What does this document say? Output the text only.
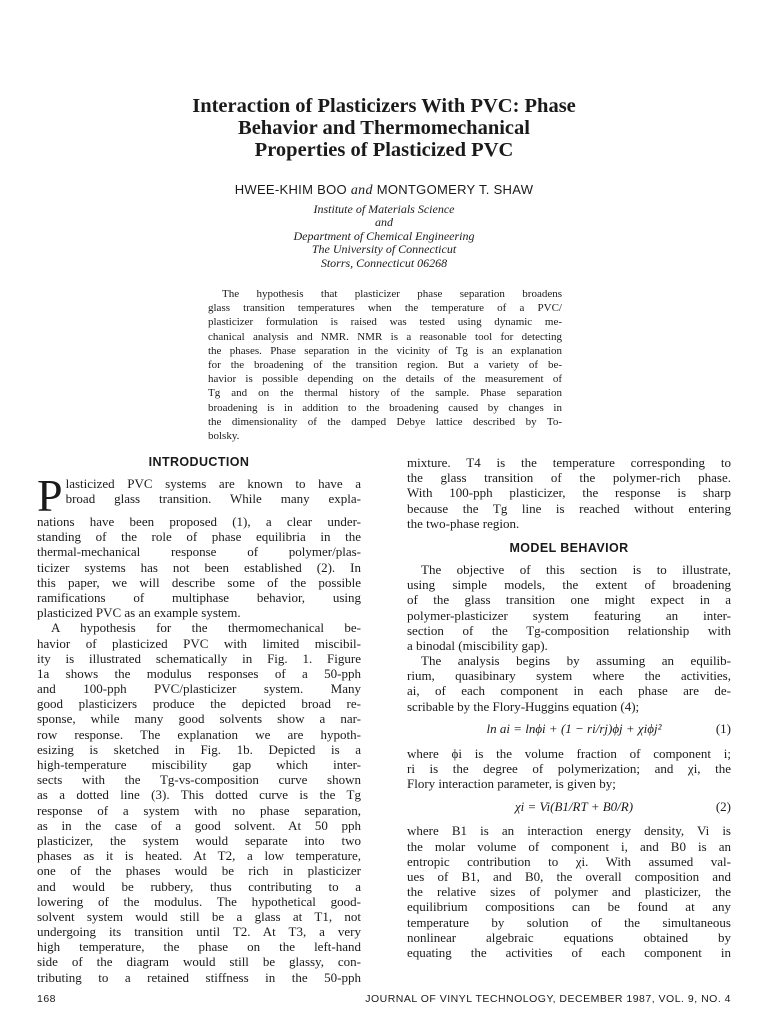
Interaction of Plasticizers With PVC: Phase
Behavior and Thermomechanical
Properties of Plasticized PVC
HWEE-KHIM BOO and MONTGOMERY T. SHAW
Institute of Materials Science
and
Department of Chemical Engineering
The University of Connecticut
Storrs, Connecticut 06268
The hypothesis that plasticizer phase separation broadens
glass transition temperatures when the temperature of a PVC/
plasticizer formulation is raised was tested using dynamic me-
chanical analysis and NMR. NMR is a reasonable tool for detecting
the phases. Phase separation in the vicinity of Tg is an explanation
for the broadening of the transition region. But a variety of be-
havior is possible depending on the details of the measurement of
Tg and on the thermal history of the sample. Phase separation
broadening is in addition to the broadening caused by changes in
the dimensionality of the damped Debye lattice described by To-
bolsky.
INTRODUCTION
P lasticized PVC systems are known to have a
broad glass transition. While many expla-
nations have been proposed (1), a clear under-
standing of the role of phase equilibria in the
thermal-mechanical response of polymer/plas-
ticizer systems has not been established (2). In
this paper, we will describe some of the possible
ramifications of multiphase behavior, using
plasticized PVC as an example system.
A hypothesis for the thermomechanical be-
havior of plasticized PVC with limited miscibil-
ity is illustrated schematically in Fig. 1. Figure
1a shows the modulus responses of a 50-pph
and 100-pph PVC/plasticizer system. Many
good plasticizers produce the depicted broad re-
sponse, while many good solvents show a nar-
row response. The explanation we are hypoth-
esizing is sketched in Fig. 1b. Depicted is a
high-temperature miscibility gap which inter-
sects with the Tg-vs-composition curve shown
as a dotted line (3). This dotted curve is the Tg
response of a system with no phase separation,
as in the case of a good solvent. At 50 pph
plasticizer, the system would separate into two
phases as it is heated. At T2, a low temperature,
one of the phases would be rich in plasticizer
and would be rubbery, thus contributing to a
lowering of the modulus. The hypothetical good-
solvent system would still be a glass at T1, not
undergoing its transition until T2. At T3, a very
high temperature, the phase on the left-hand
side of the diagram would still be glassy, con-
tributing to a retained stiffness in the 50-pph
mixture. T4 is the temperature corresponding to
the glass transition of the polymer-rich phase.
With 100-pph plasticizer, the response is sharp
because the Tg line is reached without entering
the two-phase region.
MODEL BEHAVIOR
The objective of this section is to illustrate,
using simple models, the extent of broadening
of the glass transition one might expect in a
polymer-plasticizer system featuring an inter-
section of the Tg-composition relationship with
a binodal (miscibility gap).
The analysis begins by assuming an equilib-
rium, quasibinary system where the activities,
ai, of each component in each phase are de-
scribable by the Flory-Huggins equation (4);
ln ai = lnϕi + (1 − ri/rj)ϕj + χiϕj²	(1)
where ϕi is the volume fraction of component i;
ri is the degree of polymerization; and χi, the
Flory interaction parameter, is given by;
χi = Vi(B1/RT + B0/R)	(2)
where B1 is an interaction energy density, Vi is
the molar volume of component i, and B0 is an
entropic contribution to χi. With assumed val-
ues of B1, and B0, the overall composition and
the relative sizes of polymer and plasticizer, the
equilibrium compositions can be found at any
temperature by solution of the simultaneous
nonlinear algebraic equations obtained by
equating the activities of each component in
168	JOURNAL OF VINYL TECHNOLOGY, DECEMBER 1987, VOL. 9, NO. 4
